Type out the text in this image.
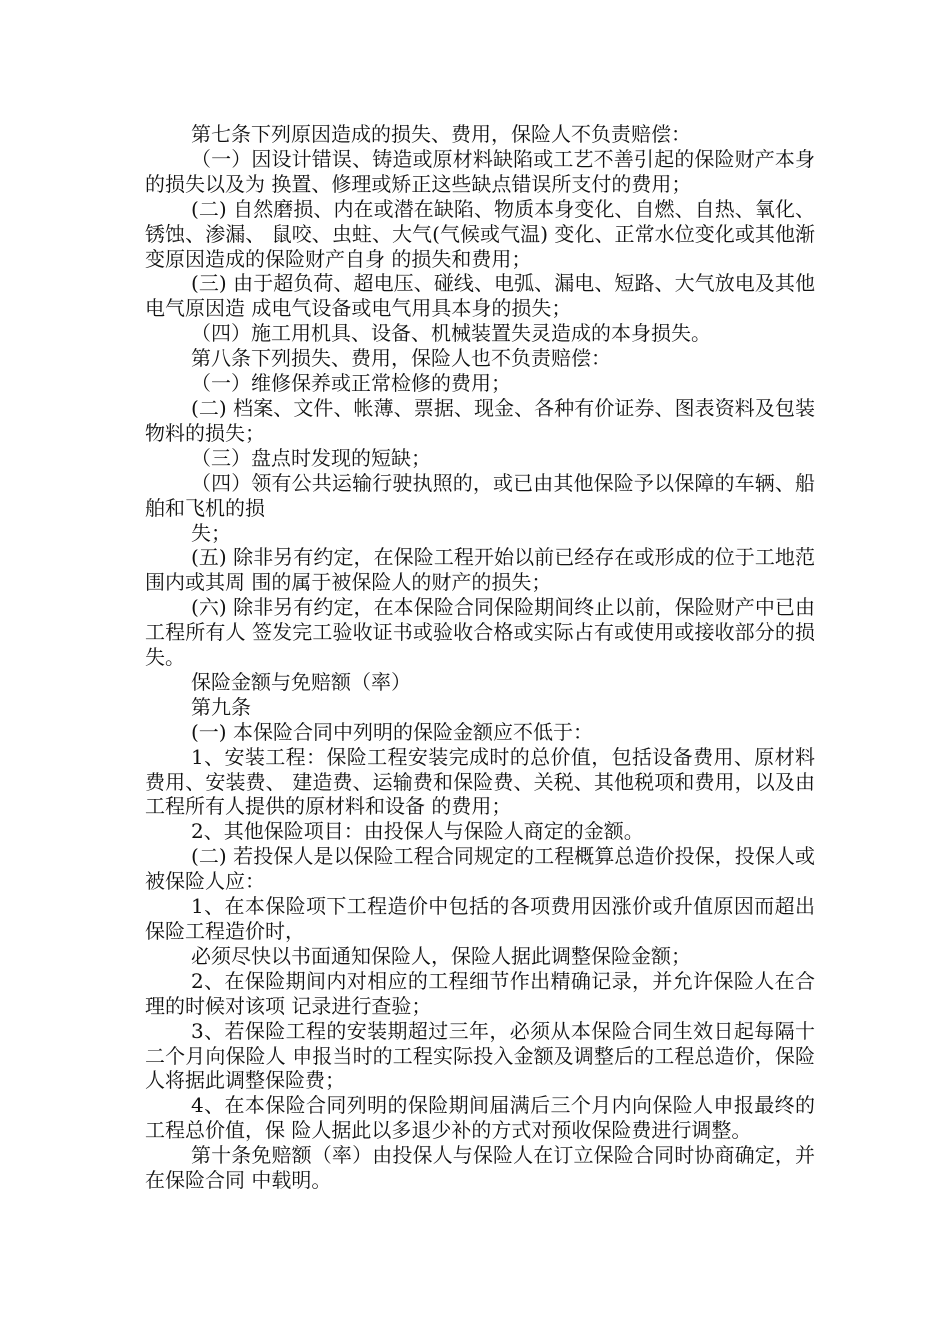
第七条下列原因造成的损失、费用，保险人不负责赔偿：

（一）因设计错误、铸造或原材料缺陷或工艺不善引起的保险财产本身的损失以及为 换置、修理或矫正这些缺点错误所支付的费用；

(二) 自然磨损、内在或潜在缺陷、物质本身变化、自燃、自热、氧化、锈蚀、渗漏、 鼠咬、虫蛀、大气(气候或气温) 变化、正常水位变化或其他渐变原因造成的保险财产自身 的损失和费用；

(三) 由于超负荷、超电压、碰线、电弧、漏电、短路、大气放电及其他电气原因造 成电气设备或电气用具本身的损失；

（四）施工用机具、设备、机械装置失灵造成的本身损失。

第八条下列损失、费用，保险人也不负责赔偿：

（一）维修保养或正常检修的费用；

(二) 档案、文件、帐薄、票据、现金、各种有价证券、图表资料及包装物料的损失；

（三）盘点时发现的短缺；

（四）领有公共运输行驶执照的，或已由其他保险予以保障的车辆、船舶和飞机的损

失；

(五) 除非另有约定，在保险工程开始以前已经存在或形成的位于工地范围内或其周 围的属于被保险人的财产的损失；

(六) 除非另有约定，在本保险合同保险期间终止以前，保险财产中已由工程所有人 签发完工验收证书或验收合格或实际占有或使用或接收部分的损失。

保险金额与免赔额（率）

第九条

(一) 本保险合同中列明的保险金额应不低于：

1、安装工程：保险工程安装完成时的总价值，包括设备费用、原材料费用、安装费、 建造费、运输费和保险费、关税、其他税项和费用，以及由工程所有人提供的原材料和设备 的费用；

2、其他保险项目：由投保人与保险人商定的金额。

(二) 若投保人是以保险工程合同规定的工程概算总造价投保，投保人或被保险人应：

1、在本保险项下工程造价中包括的各项费用因涨价或升值原因而超出保险工程造价时，

必须尽快以书面通知保险人，保险人据此调整保险金额；

2、在保险期间内对相应的工程细节作出精确记录，并允许保险人在合理的时候对该项 记录进行查验；

3、若保险工程的安装期超过三年，必须从本保险合同生效日起每隔十二个月向保险人 申报当时的工程实际投入金额及调整后的工程总造价，保险人将据此调整保险费；

4、在本保险合同列明的保险期间届满后三个月内向保险人申报最终的工程总价值，保 险人据此以多退少补的方式对预收保险费进行调整。

第十条免赔额（率）由投保人与保险人在订立保险合同时协商确定，并在保险合同 中载明。
